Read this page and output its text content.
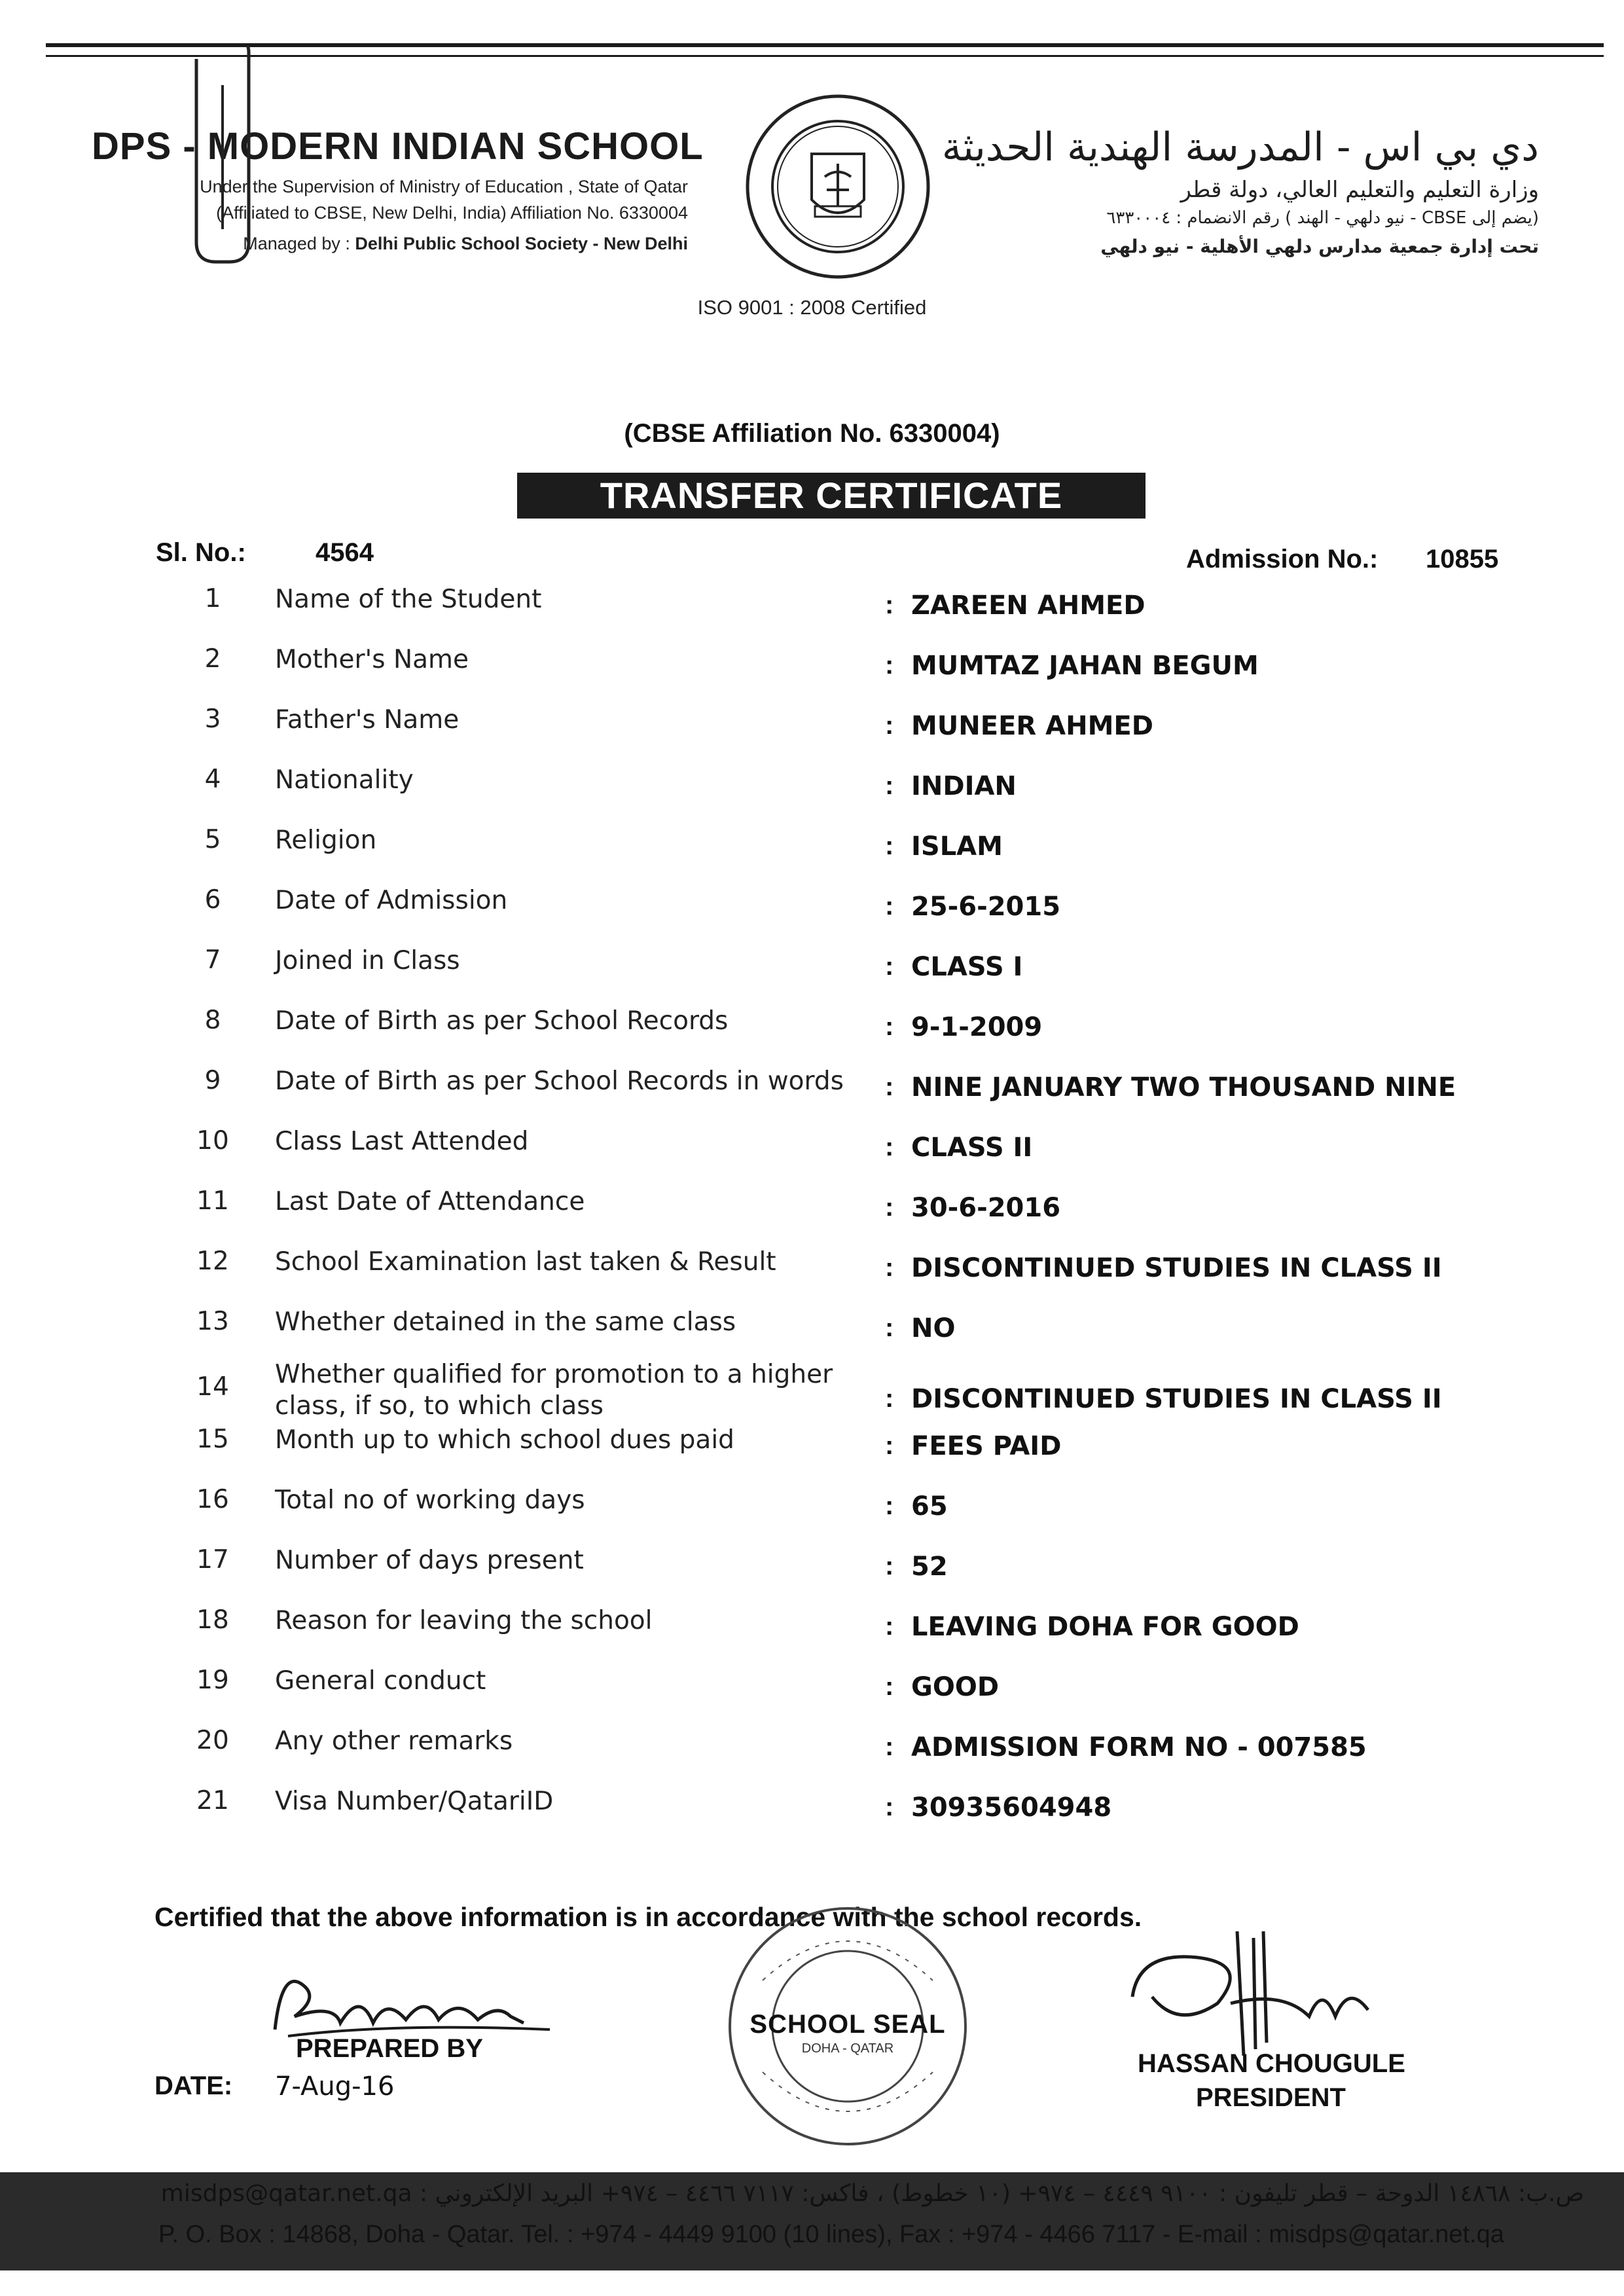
DPS - MODERN INDIAN SCHOOL
Under the Supervision of Ministry of Education , State of Qatar
(Affiliated to CBSE, New Delhi, India) Affiliation No. 6330004
Managed by : Delhi Public School Society - New Delhi
دي بي اس - المدرسة الهندية الحديثة
وزارة التعليم والتعليم العالي، دولة قطر
(يضم إلى CBSE - نيو دلهي - الهند ) رقم الانضمام : ٦٣٣٠٠٠٤
تحت إدارة جمعية مدارس دلهي الأهلية - نيو دلهي
ISO 9001 : 2008 Certified
(CBSE Affiliation No. 6330004)
TRANSFER CERTIFICATE
Sl. No.:	4564	Admission No.: 10855
1	Name of the Student	: ZAREEN AHMED
2	Mother's Name	: MUMTAZ JAHAN BEGUM
3	Father's Name	: MUNEER AHMED
4	Nationality	: INDIAN
5	Religion	: ISLAM
6	Date of Admission	: 25-6-2015
7	Joined in Class	: CLASS I
8	Date of Birth as per School Records	: 9-1-2009
9	Date of Birth as per School Records in words	: NINE JANUARY TWO THOUSAND NINE
10 Class Last Attended	: CLASS II
11 Last Date of Attendance	: 30-6-2016
12 School Examination last taken & Result	: DISCONTINUED STUDIES IN CLASS II
13 Whether detained in the same class	: NO
14 Whether qualified for promotion to a higher class, if so, to which class	: DISCONTINUED STUDIES IN CLASS II
15 Month up to which school dues paid	: FEES PAID
16 Total no of working days	: 65
17 Number of days present	: 52
18 Reason for leaving the school	: LEAVING DOHA FOR GOOD
19 General conduct	: GOOD
20 Any other remarks	: ADMISSION FORM NO - 007585
21 Visa Number/QatariID	: 30935604948
Certified that the above information is in accordance with the school records.
PREPARED BY
DATE: 7-Aug-16
SCHOOL SEAL
DOHA - QATAR
HASSAN CHOUGULE
PRESIDENT
ص.ب: ١٤٨٦٨ الدوحة – قطر تليفون : ٩١٠٠ ٤٤٤٩ – ٩٧٤+ (١٠ خطوط) ، فاكس: ٧١١٧ ٤٤٦٦ – ٩٧٤+ البريد الإلكتروني : misdps@qatar.net.qa
P. O. Box : 14868, Doha - Qatar. Tel. : +974 - 4449 9100 (10 lines), Fax : +974 - 4466 7117 - E-mail : misdps@qatar.net.qa
